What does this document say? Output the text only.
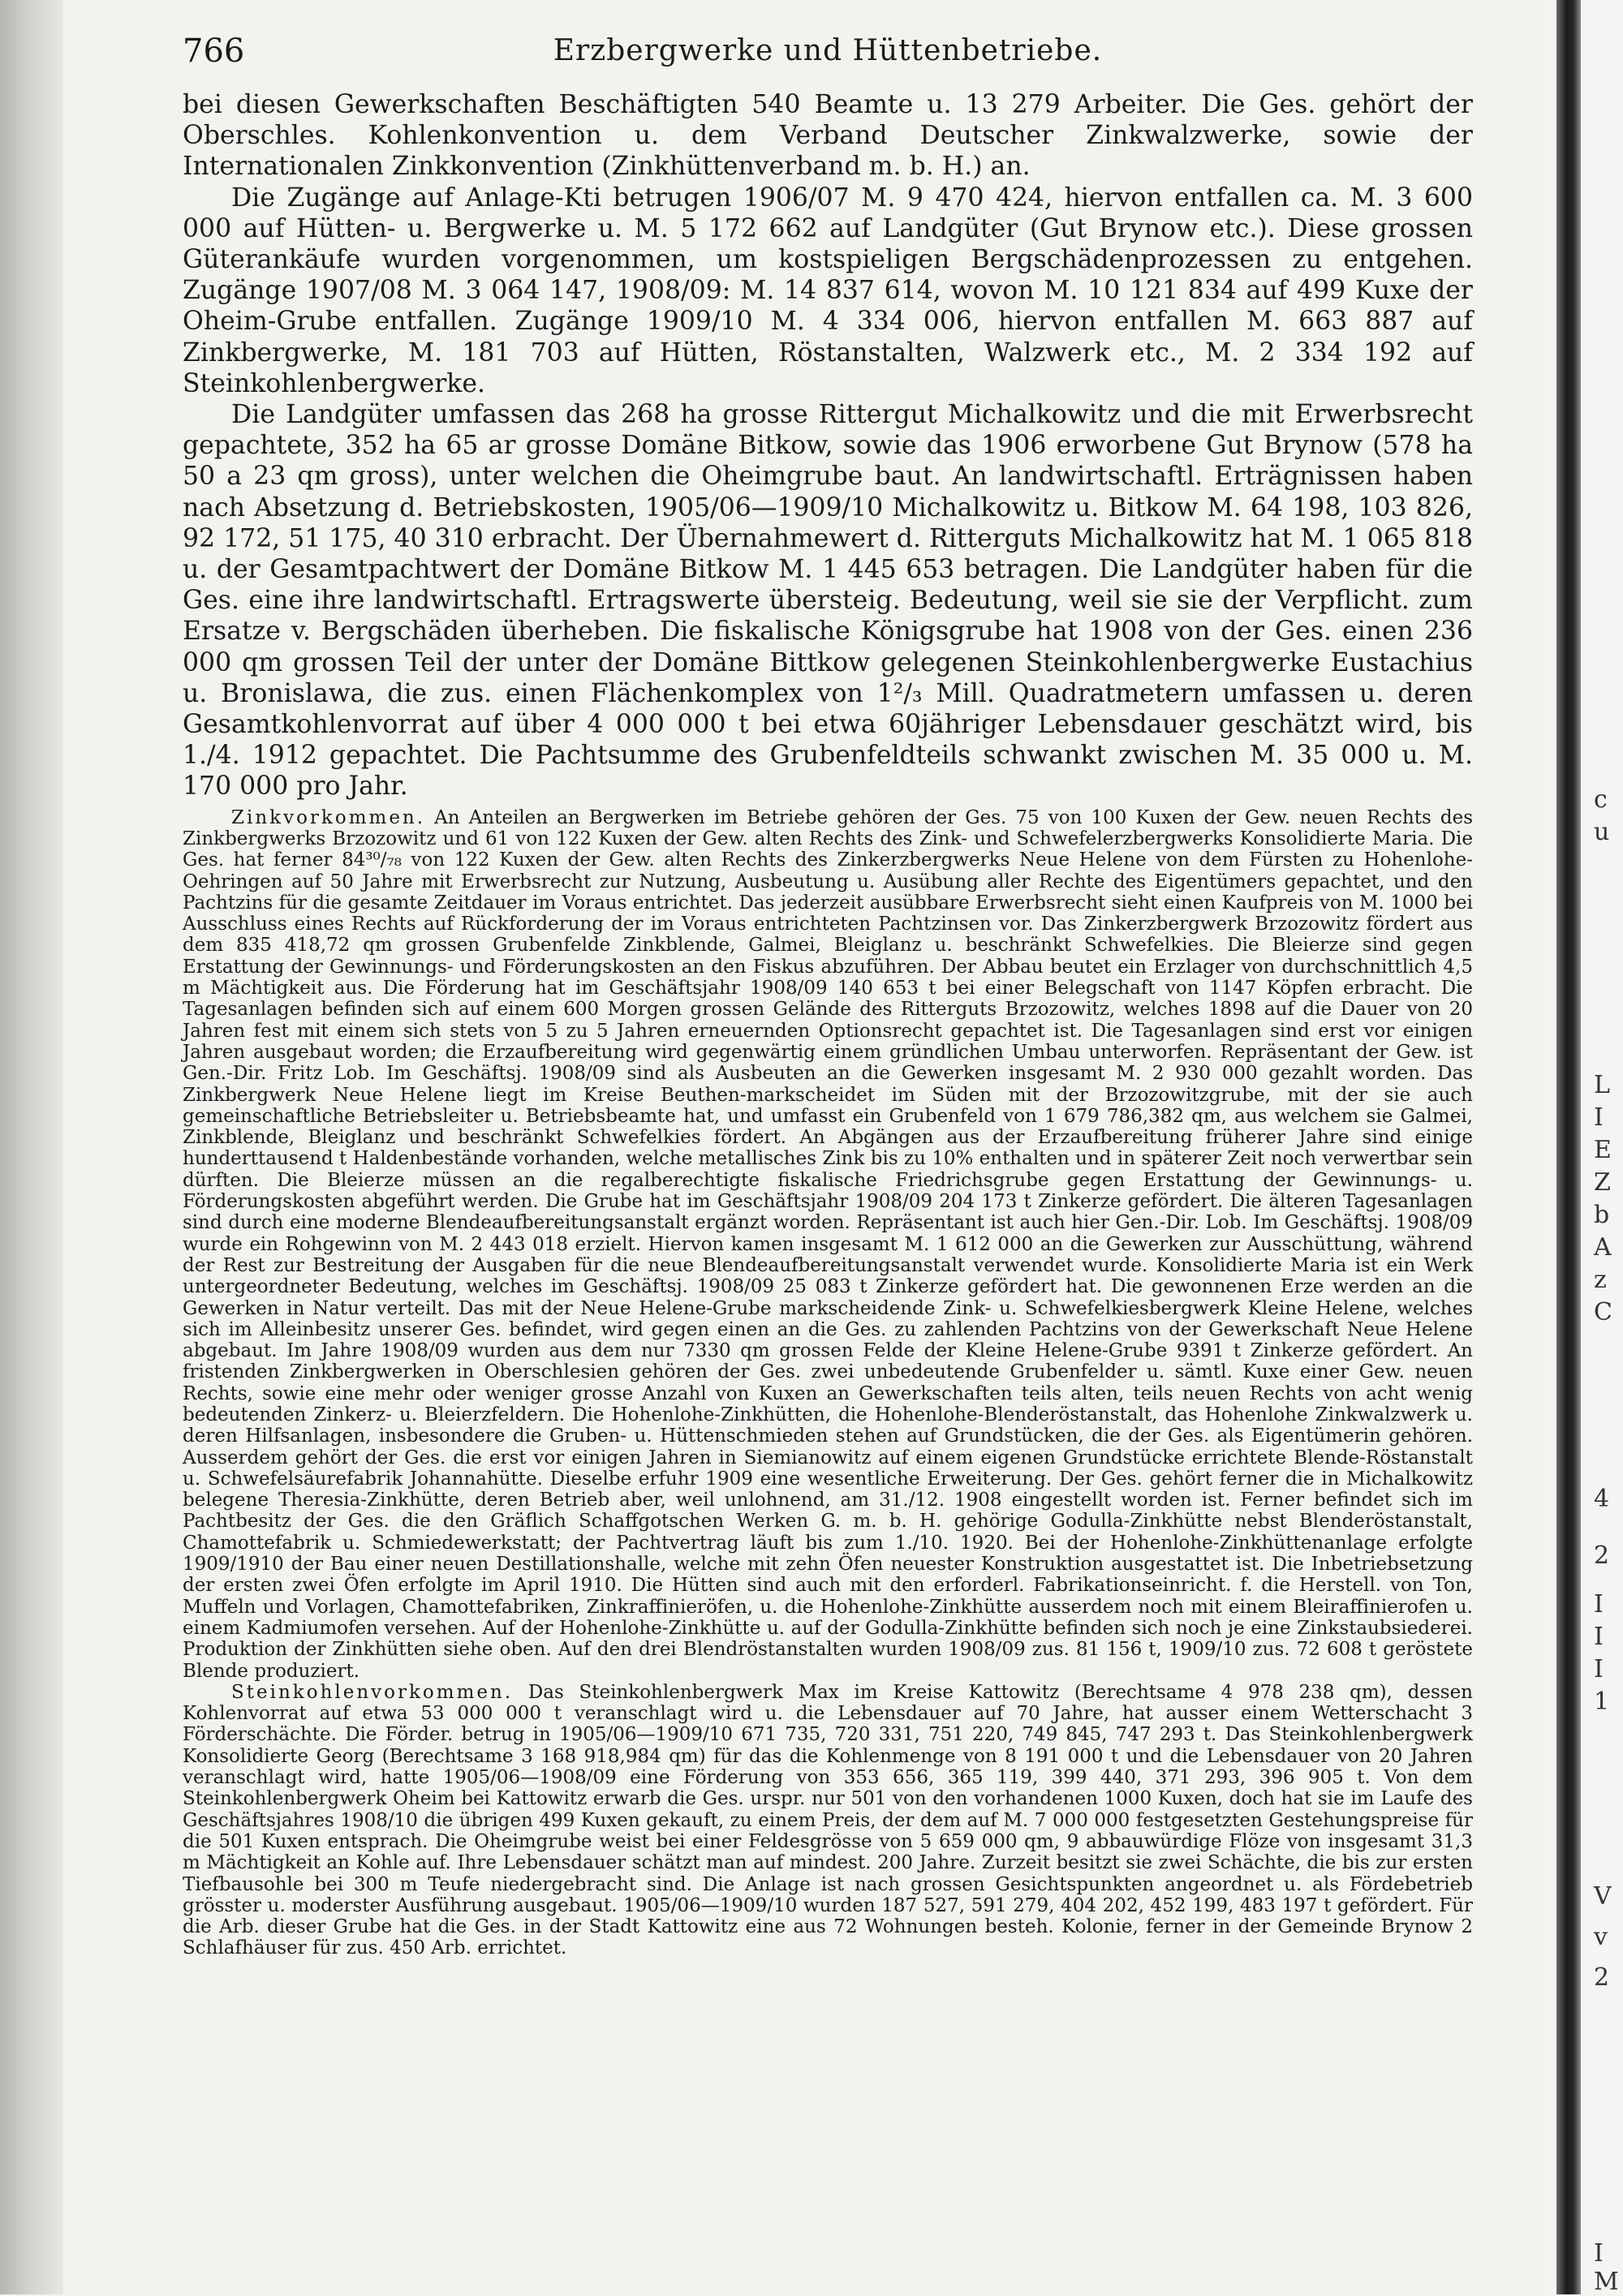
c
u
L
I
E
Z
b
A
z
C
4
2
I
I
I
1
V
v
2
I
M
766	Erzbergwerke und Hüttenbetriebe.

bei diesen Gewerkschaften Beschäftigten 540 Beamte u. 13 279 Arbeiter. Die Ges. gehört der Oberschles. Kohlenkonvention u. dem Verband Deutscher Zinkwalzwerke, sowie der Internationalen Zinkkonvention (Zinkhüttenverband m. b. H.) an.

Die Zugänge auf Anlage-Kti betrugen 1906/07 M. 9 470 424, hiervon entfallen ca. M. 3 600 000 auf Hütten- u. Bergwerke u. M. 5 172 662 auf Landgüter (Gut Brynow etc.). Diese grossen Güterankäufe wurden vorgenommen, um kostspieligen Bergschädenprozessen zu entgehen. Zugänge 1907/08 M. 3 064 147, 1908/09: M. 14 837 614, wovon M. 10 121 834 auf 499 Kuxe der Oheim-Grube entfallen. Zugänge 1909/10 M. 4 334 006, hiervon entfallen M. 663 887 auf Zinkbergwerke, M. 181 703 auf Hütten, Röstanstalten, Walzwerk etc., M. 2 334 192 auf Steinkohlenbergwerke.

Die Landgüter umfassen das 268 ha grosse Rittergut Michalkowitz und die mit Erwerbsrecht gepachtete, 352 ha 65 ar grosse Domäne Bitkow, sowie das 1906 erworbene Gut Brynow (578 ha 50 a 23 qm gross), unter welchen die Oheimgrube baut. An landwirtschaftl. Erträgnissen haben nach Absetzung d. Betriebskosten, 1905/06—1909/10 Michalkowitz u. Bitkow M. 64 198, 103 826, 92 172, 51 175, 40 310 erbracht. Der Übernahmewert d. Ritterguts Michalkowitz hat M. 1 065 818 u. der Gesamtpachtwert der Domäne Bitkow M. 1 445 653 betragen. Die Landgüter haben für die Ges. eine ihre landwirtschaftl. Ertragswerte übersteig. Bedeutung, weil sie sie der Verpflicht. zum Ersatze v. Bergschäden überheben. Die fiskalische Königsgrube hat 1908 von der Ges. einen 236 000 qm grossen Teil der unter der Domäne Bittkow gelegenen Steinkohlenbergwerke Eustachius u. Bronislawa, die zus. einen Flächenkomplex von 1²/₃ Mill. Quadratmetern umfassen u. deren Gesamtkohlenvorrat auf über 4 000 000 t bei etwa 60jähriger Lebensdauer geschätzt wird, bis 1./4. 1912 gepachtet. Die Pachtsumme des Grubenfeldteils schwankt zwischen M. 35 000 u. M. 170 000 pro Jahr.

Zinkvorkommen. An Anteilen an Bergwerken im Betriebe gehören der Ges. 75 von 100 Kuxen der Gew. neuen Rechts des Zinkbergwerks Brzozowitz und 61 von 122 Kuxen der Gew. alten Rechts des Zink- und Schwefelerzbergwerks Konsolidierte Maria. Die Ges. hat ferner 84³⁰/₇₈ von 122 Kuxen der Gew. alten Rechts des Zinkerzbergwerks Neue Helene von dem Fürsten zu Hohenlohe-Oehringen auf 50 Jahre mit Erwerbsrecht zur Nutzung, Ausbeutung u. Ausübung aller Rechte des Eigentümers gepachtet, und den Pachtzins für die gesamte Zeitdauer im Voraus entrichtet. Das jederzeit ausübbare Erwerbsrecht sieht einen Kaufpreis von M. 1000 bei Ausschluss eines Rechts auf Rückforderung der im Voraus entrichteten Pachtzinsen vor. Das Zinkerzbergwerk Brzozowitz fördert aus dem 835 418,72 qm grossen Grubenfelde Zinkblende, Galmei, Bleiglanz u. beschränkt Schwefelkies. Die Bleierze sind gegen Erstattung der Gewinnungs- und Förderungskosten an den Fiskus abzuführen. Der Abbau beutet ein Erzlager von durchschnittlich 4,5 m Mächtigkeit aus. Die Förderung hat im Geschäftsjahr 1908/09 140 653 t bei einer Belegschaft von 1147 Köpfen erbracht. Die Tagesanlagen befinden sich auf einem 600 Morgen grossen Gelände des Ritterguts Brzozowitz, welches 1898 auf die Dauer von 20 Jahren fest mit einem sich stets von 5 zu 5 Jahren erneuernden Optionsrecht gepachtet ist. Die Tagesanlagen sind erst vor einigen Jahren ausgebaut worden; die Erzaufbereitung wird gegenwärtig einem gründlichen Umbau unterworfen. Repräsentant der Gew. ist Gen.-Dir. Fritz Lob. Im Geschäftsj. 1908/09 sind als Ausbeuten an die Gewerken insgesamt M. 2 930 000 gezahlt worden. Das Zinkbergwerk Neue Helene liegt im Kreise Beuthen-markscheidet im Süden mit der Brzozowitzgrube, mit der sie auch gemeinschaftliche Betriebsleiter u. Betriebsbeamte hat, und umfasst ein Grubenfeld von 1 679 786,382 qm, aus welchem sie Galmei, Zinkblende, Bleiglanz und beschränkt Schwefelkies fördert. An Abgängen aus der Erzaufbereitung früherer Jahre sind einige hunderttausend t Haldenbestände vorhanden, welche metallisches Zink bis zu 10% enthalten und in späterer Zeit noch verwertbar sein dürften. Die Bleierze müssen an die regalberechtigte fiskalische Friedrichsgrube gegen Erstattung der Gewinnungs- u. Förderungskosten abgeführt werden. Die Grube hat im Geschäftsjahr 1908/09 204 173 t Zinkerze gefördert. Die älteren Tagesanlagen sind durch eine moderne Blendeaufbereitungsanstalt ergänzt worden. Repräsentant ist auch hier Gen.-Dir. Lob. Im Geschäftsj. 1908/09 wurde ein Rohgewinn von M. 2 443 018 erzielt. Hiervon kamen insgesamt M. 1 612 000 an die Gewerken zur Ausschüttung, während der Rest zur Bestreitung der Ausgaben für die neue Blendeaufbereitungsanstalt verwendet wurde. Konsolidierte Maria ist ein Werk untergeordneter Bedeutung, welches im Geschäftsj. 1908/09 25 083 t Zinkerze gefördert hat. Die gewonnenen Erze werden an die Gewerken in Natur verteilt. Das mit der Neue Helene-Grube markscheidende Zink- u. Schwefelkiesbergwerk Kleine Helene, welches sich im Alleinbesitz unserer Ges. befindet, wird gegen einen an die Ges. zu zahlenden Pachtzins von der Gewerkschaft Neue Helene abgebaut. Im Jahre 1908/09 wurden aus dem nur 7330 qm grossen Felde der Kleine Helene-Grube 9391 t Zinkerze gefördert. An fristenden Zinkbergwerken in Oberschlesien gehören der Ges. zwei unbedeutende Grubenfelder u. sämtl. Kuxe einer Gew. neuen Rechts, sowie eine mehr oder weniger grosse Anzahl von Kuxen an Gewerkschaften teils alten, teils neuen Rechts von acht wenig bedeutenden Zinkerz- u. Bleierzfeldern. Die Hohenlohe-Zinkhütten, die Hohenlohe-Blenderöstanstalt, das Hohenlohe Zinkwalzwerk u. deren Hilfsanlagen, insbesondere die Gruben- u. Hüttenschmieden stehen auf Grundstücken, die der Ges. als Eigentümerin gehören. Ausserdem gehört der Ges. die erst vor einigen Jahren in Siemianowitz auf einem eigenen Grundstücke errichtete Blende-Röstanstalt u. Schwefelsäurefabrik Johannahütte. Dieselbe erfuhr 1909 eine wesentliche Erweiterung. Der Ges. gehört ferner die in Michalkowitz belegene Theresia-Zinkhütte, deren Betrieb aber, weil unlohnend, am 31./12. 1908 eingestellt worden ist. Ferner befindet sich im Pachtbesitz der Ges. die den Gräflich Schaffgotschen Werken G. m. b. H. gehörige Godulla-Zinkhütte nebst Blenderöstanstalt, Chamottefabrik u. Schmiedewerkstatt; der Pachtvertrag läuft bis zum 1./10. 1920. Bei der Hohenlohe-Zinkhüttenanlage erfolgte 1909/1910 der Bau einer neuen Destillationshalle, welche mit zehn Öfen neuester Konstruktion ausgestattet ist. Die Inbetriebsetzung der ersten zwei Öfen erfolgte im April 1910. Die Hütten sind auch mit den erforderl. Fabrikationseinricht. f. die Herstell. von Ton, Muffeln und Vorlagen, Chamottefabriken, Zinkraffinieröfen, u. die Hohenlohe-Zinkhütte ausserdem noch mit einem Bleiraffinierofen u. einem Kadmiumofen versehen. Auf der Hohenlohe-Zinkhütte u. auf der Godulla-Zinkhütte befinden sich noch je eine Zinkstaubsiederei. Produktion der Zinkhütten siehe oben. Auf den drei Blendröstanstalten wurden 1908/09 zus. 81 156 t, 1909/10 zus. 72 608 t geröstete Blende produziert.

Steinkohlenvorkommen. Das Steinkohlenbergwerk Max im Kreise Kattowitz (Berechtsame 4 978 238 qm), dessen Kohlenvorrat auf etwa 53 000 000 t veranschlagt wird u. die Lebensdauer auf 70 Jahre, hat ausser einem Wetterschacht 3 Förderschächte. Die Förder. betrug in 1905/06—1909/10 671 735, 720 331, 751 220, 749 845, 747 293 t. Das Steinkohlenbergwerk Konsolidierte Georg (Berechtsame 3 168 918,984 qm) für das die Kohlenmenge von 8 191 000 t und die Lebensdauer von 20 Jahren veranschlagt wird, hatte 1905/06—1908/09 eine Förderung von 353 656, 365 119, 399 440, 371 293, 396 905 t. Von dem Steinkohlenbergwerk Oheim bei Kattowitz erwarb die Ges. urspr. nur 501 von den vorhandenen 1000 Kuxen, doch hat sie im Laufe des Geschäftsjahres 1908/10 die übrigen 499 Kuxen gekauft, zu einem Preis, der dem auf M. 7 000 000 festgesetzten Gestehungspreise für die 501 Kuxen entsprach. Die Oheimgrube weist bei einer Feldesgrösse von 5 659 000 qm, 9 abbauwürdige Flöze von insgesamt 31,3 m Mächtigkeit an Kohle auf. Ihre Lebensdauer schätzt man auf mindest. 200 Jahre. Zurzeit besitzt sie zwei Schächte, die bis zur ersten Tiefbausohle bei 300 m Teufe niedergebracht sind. Die Anlage ist nach grossen Gesichtspunkten angeordnet u. als Fördebetrieb grösster u. moderster Ausführung ausgebaut. 1905/06—1909/10 wurden 187 527, 591 279, 404 202, 452 199, 483 197 t gefördert. Für die Arb. dieser Grube hat die Ges. in der Stadt Kattowitz eine aus 72 Wohnungen besteh. Kolonie, ferner in der Gemeinde Brynow 2 Schlafhäuser für zus. 450 Arb. errichtet.
